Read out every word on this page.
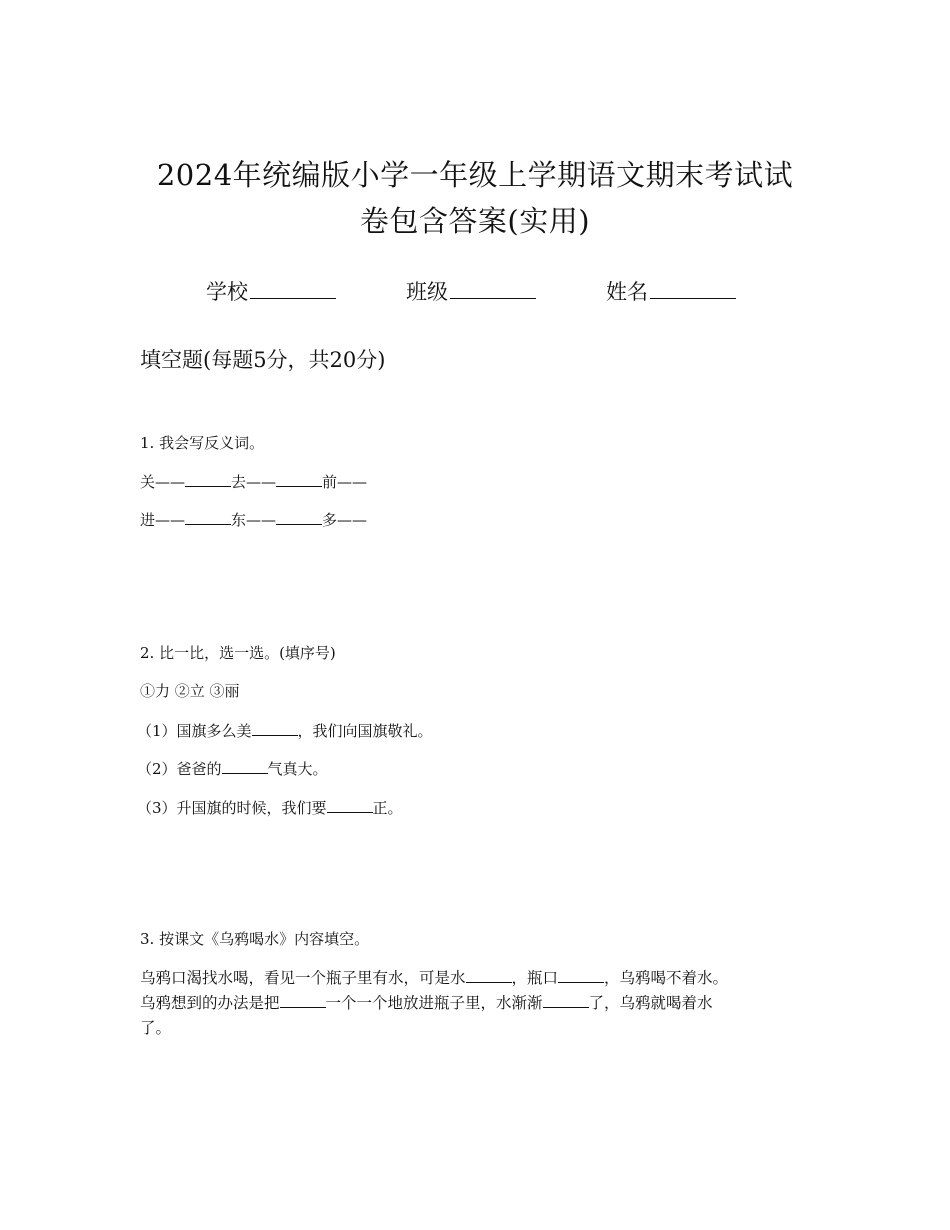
2024年统编版小学一年级上学期语文期末考试试
卷包含答案(实用)
学校	班级	姓名
填空题(每题5分，共20分)
1. 我会写反义词。
关——	去——	前——
进——	东——	多——
2. 比一比，选一选。(填序号)
①力 ②立 ③丽
（1）国旗多么美	，我们向国旗敬礼。
（2）爸爸的	气真大。
（3）升国旗的时候，我们要	正。
3. 按课文《乌鸦喝水》内容填空。
乌鸦口渴找水喝，看见一个瓶子里有水，可是水	，瓶口	，乌鸦喝不着水。
乌鸦想到的办法是把	一个一个地放进瓶子里，水渐渐	了，乌鸦就喝着水
了。
